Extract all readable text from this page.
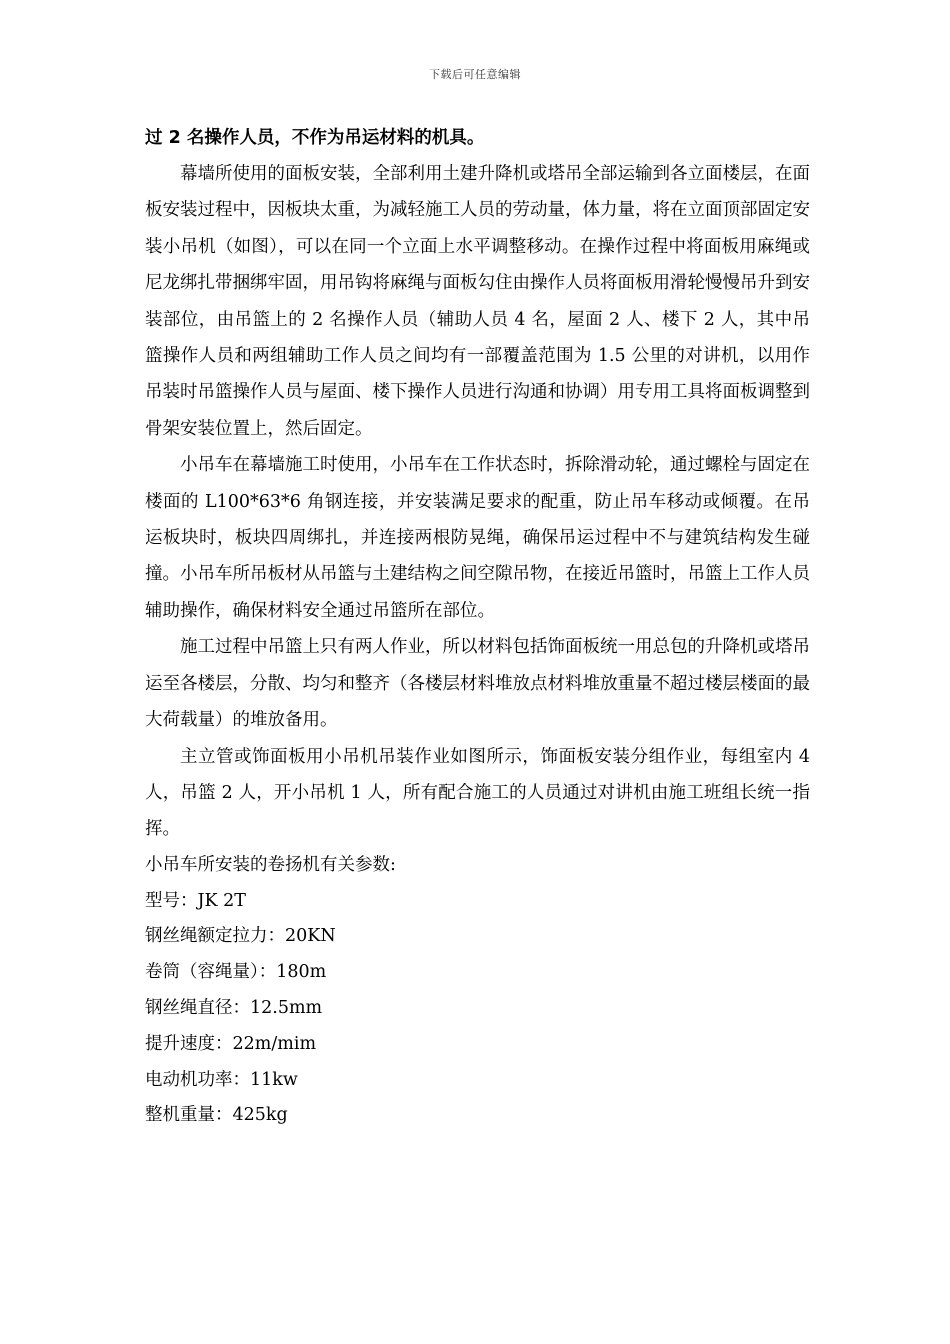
下载后可任意编辑

过 2 名操作人员，不作为吊运材料的机具。

幕墙所使用的面板安装，全部利用土建升降机或塔吊全部运输到各立面楼层，在面板安装过程中，因板块太重，为减轻施工人员的劳动量，体力量，将在立面顶部固定安装小吊机（如图），可以在同一个立面上水平调整移动。在操作过程中将面板用麻绳或尼龙绑扎带捆绑牢固，用吊钩将麻绳与面板勾住由操作人员将面板用滑轮慢慢吊升到安装部位，由吊篮上的 2 名操作人员（辅助人员 4 名，屋面 2 人、楼下 2 人，其中吊篮操作人员和两组辅助工作人员之间均有一部覆盖范围为 1.5 公里的对讲机，以用作吊装时吊篮操作人员与屋面、楼下操作人员进行沟通和协调）用专用工具将面板调整到骨架安装位置上，然后固定。

小吊车在幕墙施工时使用，小吊车在工作状态时，拆除滑动轮，通过螺栓与固定在楼面的 L100*63*6 角钢连接，并安装满足要求的配重，防止吊车移动或倾覆。在吊运板块时，板块四周绑扎，并连接两根防晃绳，确保吊运过程中不与建筑结构发生碰撞。小吊车所吊板材从吊篮与土建结构之间空隙吊物，在接近吊篮时，吊篮上工作人员辅助操作，确保材料安全通过吊篮所在部位。

施工过程中吊篮上只有两人作业，所以材料包括饰面板统一用总包的升降机或塔吊运至各楼层，分散、均匀和整齐（各楼层材料堆放点材料堆放重量不超过楼层楼面的最大荷载量）的堆放备用。

主立管或饰面板用小吊机吊装作业如图所示，饰面板安装分组作业，每组室内 4 人，吊篮 2 人，开小吊机 1 人，所有配合施工的人员通过对讲机由施工班组长统一指挥。

小吊车所安装的卷扬机有关参数:

型号：JK 2T

钢丝绳额定拉力：20KN

卷筒（容绳量）：180m

钢丝绳直径：12.5mm

提升速度：22m/mim

电动机功率：11kw

整机重量：425kg
